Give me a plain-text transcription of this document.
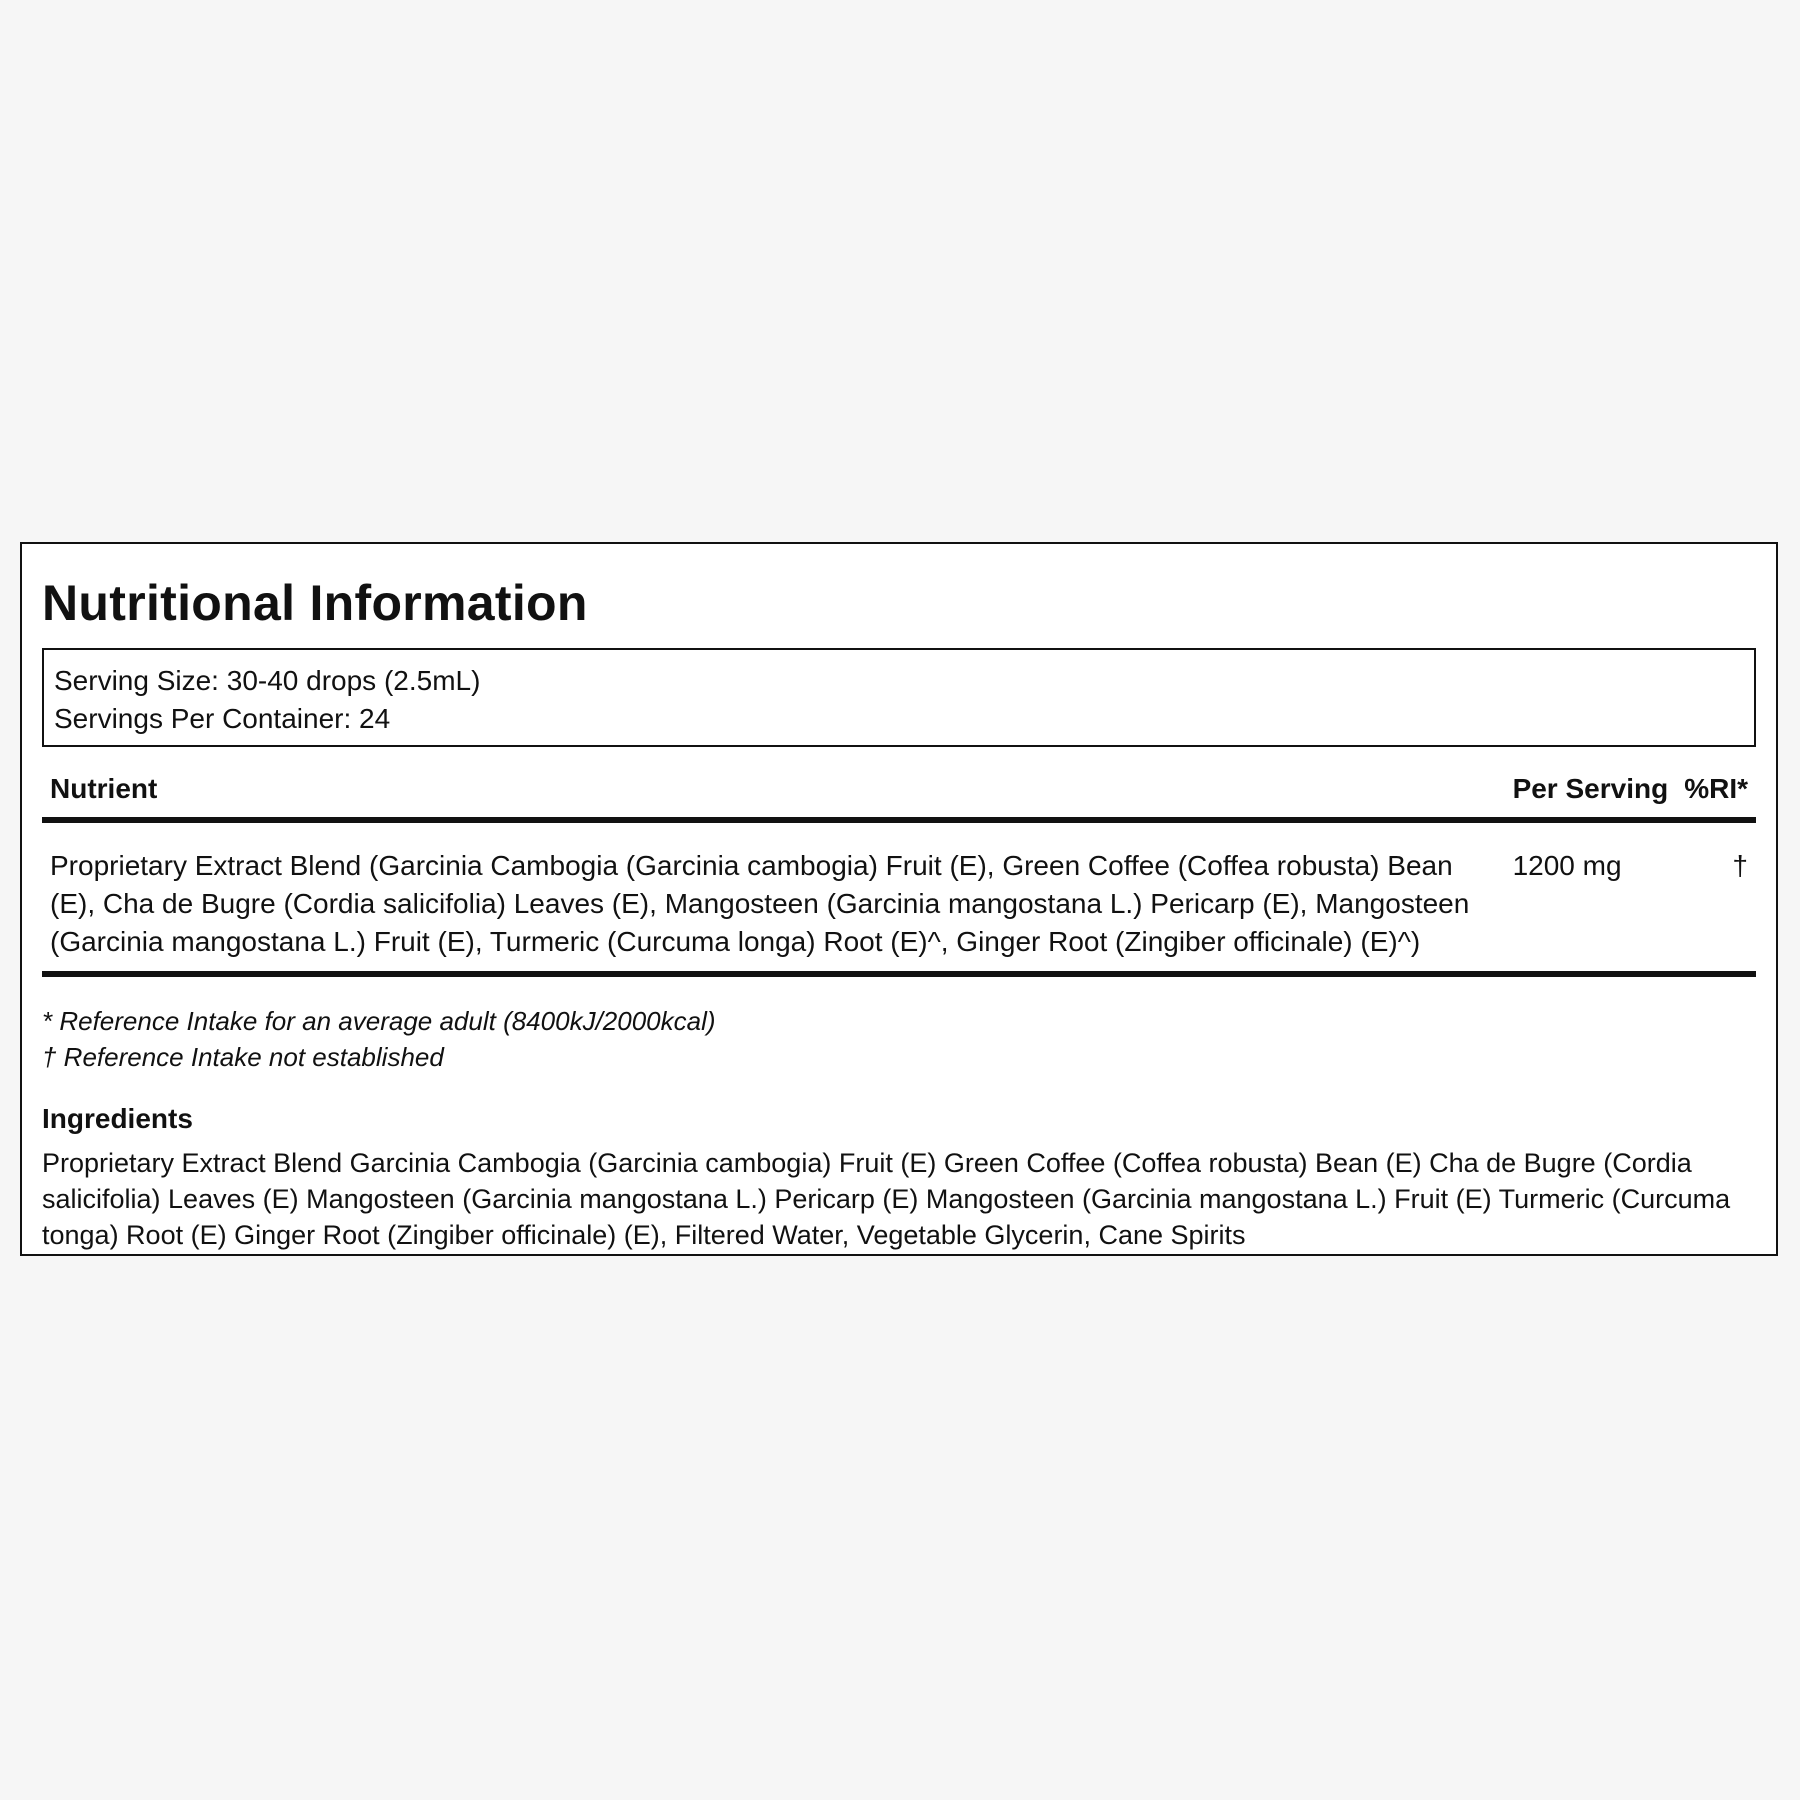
Nutritional Information
Serving Size: 30-40 drops (2.5mL)
Servings Per Container: 24
Nutrient	Per Serving	%RI*
Proprietary Extract Blend (Garcinia Cambogia (Garcinia cambogia) Fruit (E), Green Coffee (Coffea robusta) Bean (E), Cha de Bugre (Cordia salicifolia) Leaves (E), Mangosteen (Garcinia mangostana L.) Pericarp (E), Mangosteen (Garcinia mangostana L.) Fruit (E), Turmeric (Curcuma longa) Root (E)^, Ginger Root (Zingiber officinale) (E)^)	1200 mg	†
* Reference Intake for an average adult (8400kJ/2000kcal)
† Reference Intake not established
Ingredients
Proprietary Extract Blend Garcinia Cambogia (Garcinia cambogia) Fruit (E) Green Coffee (Coffea robusta) Bean (E) Cha de Bugre (Cordia salicifolia) Leaves (E) Mangosteen (Garcinia mangostana L.) Pericarp (E) Mangosteen (Garcinia mangostana L.) Fruit (E) Turmeric (Curcuma tonga) Root (E) Ginger Root (Zingiber officinale) (E), Filtered Water, Vegetable Glycerin, Cane Spirits
